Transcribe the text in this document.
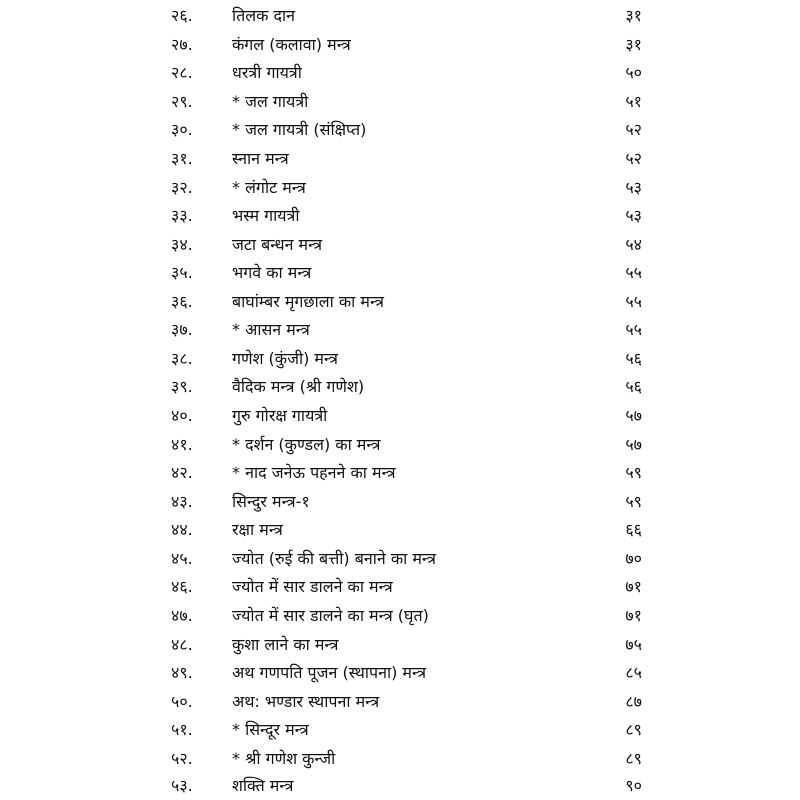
२६. तिलक दान	३१
२७. कंगल (कलावा) मन्त्र	३१
२८. धरत्री गायत्री	५०
२९. * जल गायत्री	५१
३०. * जल गायत्री (संक्षिप्त)	५२
३१. स्नान मन्त्र	५२
३२. * लंगोट मन्त्र	५३
३३. भस्म गायत्री	५३
३४. जटा बन्धन मन्त्र	५४
३५. भगवे का मन्त्र	५५
३६. बाघांम्बर मृगछाला का मन्त्र	५५
३७. * आसन मन्त्र	५५
३८. गणेश (कुंजी) मन्त्र	५६
३९. वैदिक मन्त्र (श्री गणेश)	५६
४०. गुरु गोरक्ष गायत्री	५७
४१. * दर्शन (कुण्डल) का मन्त्र	५७
४२. * नाद जनेऊ पहनने का मन्त्र	५९
४३. सिन्दुर मन्त्र-१	५९
४४. रक्षा मन्त्र	६६
४५. ज्योत (रुई की बत्ती) बनाने का मन्त्र	७०
४६. ज्योत में सार डालने का मन्त्र	७१
४७. ज्योत में सार डालने का मन्त्र (घृत)	७१
४८. कुशा लाने का मन्त्र	७५
४९. अथ गणपति पूजन (स्थापना) मन्त्र	८५
५०. अथ: भण्डार स्थापना मन्त्र	८७
५१. * सिन्दूर मन्त्र	८९
५२. * श्री गणेश कुन्जी	८९
५३. शक्ति मन्त्र	९०
